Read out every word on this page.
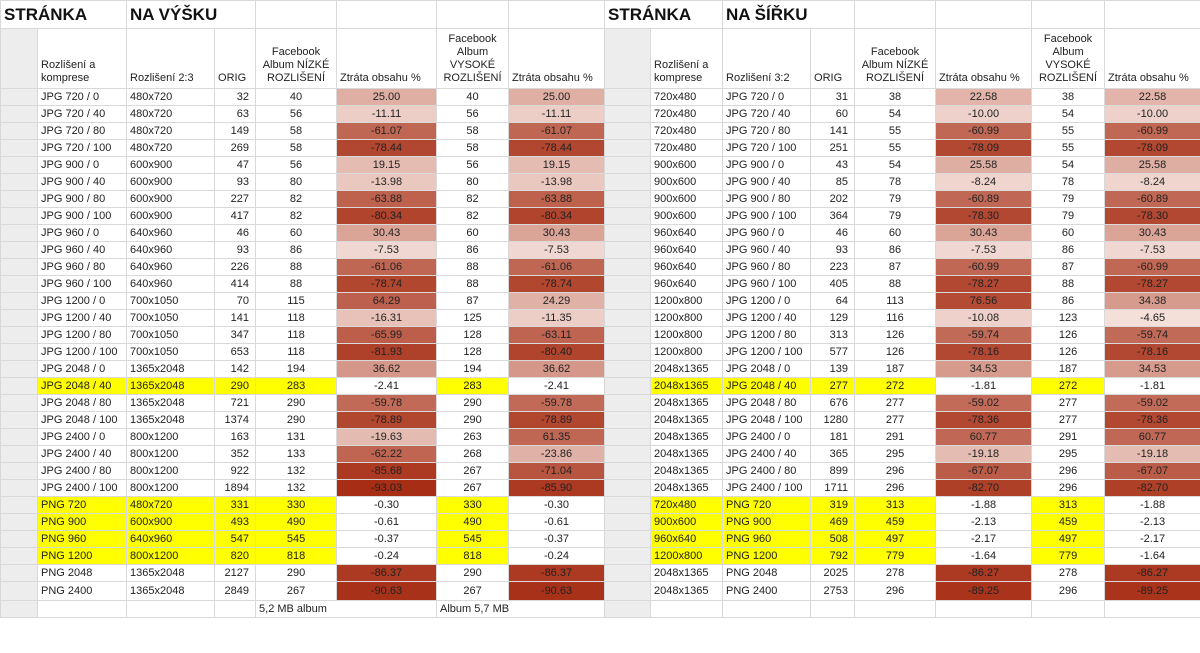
STRÁNKA		NA VÝŠKU					
	Rozlišení a komprese	Rozlišení 2:3	ORIG	Facebook Album NÍZKÉ ROZLIŠENÍ	Ztráta obsahu %	Facebook Album VYSOKÉ ROZLIŠENÍ	Ztráta obsahu %
	JPG 720 / 0	480x720	32	40	25.00	40	25.00
	JPG 720 / 40	480x720	63	56	-11.11	56	-11.11
	JPG 720 / 80	480x720	149	58	-61.07	58	-61.07
	JPG 720 / 100	480x720	269	58	-78.44	58	-78.44
	JPG 900 / 0	600x900	47	56	19.15	56	19.15
	JPG 900 / 40	600x900	93	80	-13.98	80	-13.98
	JPG 900 / 80	600x900	227	82	-63.88	82	-63.88
	JPG 900 / 100	600x900	417	82	-80.34	82	-80.34
	JPG 960 / 0	640x960	46	60	30.43	60	30.43
	JPG 960 / 40	640x960	93	86	-7.53	86	-7.53
	JPG 960 / 80	640x960	226	88	-61.06	88	-61.06
	JPG 960 / 100	640x960	414	88	-78.74	88	-78.74
	JPG 1200 / 0	700x1050	70	115	64.29	87	24.29
	JPG 1200 / 40	700x1050	141	118	-16.31	125	-11.35
	JPG 1200 / 80	700x1050	347	118	-65.99	128	-63.11
	JPG 1200 / 100	700x1050	653	118	-81.93	128	-80.40
	JPG 2048 / 0	1365x2048	142	194	36.62	194	36.62
	JPG 2048 / 40	1365x2048	290	283	-2.41	283	-2.41
	JPG 2048 / 80	1365x2048	721	290	-59.78	290	-59.78
	JPG 2048 / 100	1365x2048	1374	290	-78.89	290	-78.89
	JPG 2400 / 0	800x1200	163	131	-19.63	263	61.35
	JPG 2400 / 40	800x1200	352	133	-62.22	268	-23.86
	JPG 2400 / 80	800x1200	922	132	-85.68	267	-71.04
	JPG 2400 / 100	800x1200	1894	132	-93.03	267	-85.90
	PNG 720	480x720	331	330	-0.30	330	-0.30
	PNG 900	600x900	493	490	-0.61	490	-0.61
	PNG 960	640x960	547	545	-0.37	545	-0.37
	PNG 1200	800x1200	820	818	-0.24	818	-0.24
	PNG 2048	1365x2048	2127	290	-86.37	290	-86.37
	PNG 2400	1365x2048	2849	267	-90.63	267	-90.63
				5,2 MB album		Album 5,7 MB	
STRÁNKA		NA ŠÍŘKU					
	Rozlišení a komprese	Rozlišení 3:2	ORIG	Facebook Album NÍZKÉ ROZLIŠENÍ	Ztráta obsahu %	Facebook Album VYSOKÉ ROZLIŠENÍ	Ztráta obsahu %
	720x480	JPG 720 / 0	31	38	22.58	38	22.58
	720x480	JPG 720 / 40	60	54	-10.00	54	-10.00
	720x480	JPG 720 / 80	141	55	-60.99	55	-60.99
	720x480	JPG 720 / 100	251	55	-78.09	55	-78.09
	900x600	JPG 900 / 0	43	54	25.58	54	25.58
	900x600	JPG 900 / 40	85	78	-8.24	78	-8.24
	900x600	JPG 900 / 80	202	79	-60.89	79	-60.89
	900x600	JPG 900 / 100	364	79	-78.30	79	-78.30
	960x640	JPG 960 / 0	46	60	30.43	60	30.43
	960x640	JPG 960 / 40	93	86	-7.53	86	-7.53
	960x640	JPG 960 / 80	223	87	-60.99	87	-60.99
	960x640	JPG 960 / 100	405	88	-78.27	88	-78.27
	1200x800	JPG 1200 / 0	64	113	76.56	86	34.38
	1200x800	JPG 1200 / 40	129	116	-10.08	123	-4.65
	1200x800	JPG 1200 / 80	313	126	-59.74	126	-59.74
	1200x800	JPG 1200 / 100	577	126	-78.16	126	-78.16
	2048x1365	JPG 2048 / 0	139	187	34.53	187	34.53
	2048x1365	JPG 2048 / 40	277	272	-1.81	272	-1.81
	2048x1365	JPG 2048 / 80	676	277	-59.02	277	-59.02
	2048x1365	JPG 2048 / 100	1280	277	-78.36	277	-78.36
	2048x1365	JPG 2400 / 0	181	291	60.77	291	60.77
	2048x1365	JPG 2400 / 40	365	295	-19.18	295	-19.18
	2048x1365	JPG 2400 / 80	899	296	-67.07	296	-67.07
	2048x1365	JPG 2400 / 100	1711	296	-82.70	296	-82.70
	720x480	PNG 720	319	313	-1.88	313	-1.88
	900x600	PNG 900	469	459	-2.13	459	-2.13
	960x640	PNG 960	508	497	-2.17	497	-2.17
	1200x800	PNG 1200	792	779	-1.64	779	-1.64
	2048x1365	PNG 2048	2025	278	-86.27	278	-86.27
	2048x1365	PNG 2400	2753	296	-89.25	296	-89.25
